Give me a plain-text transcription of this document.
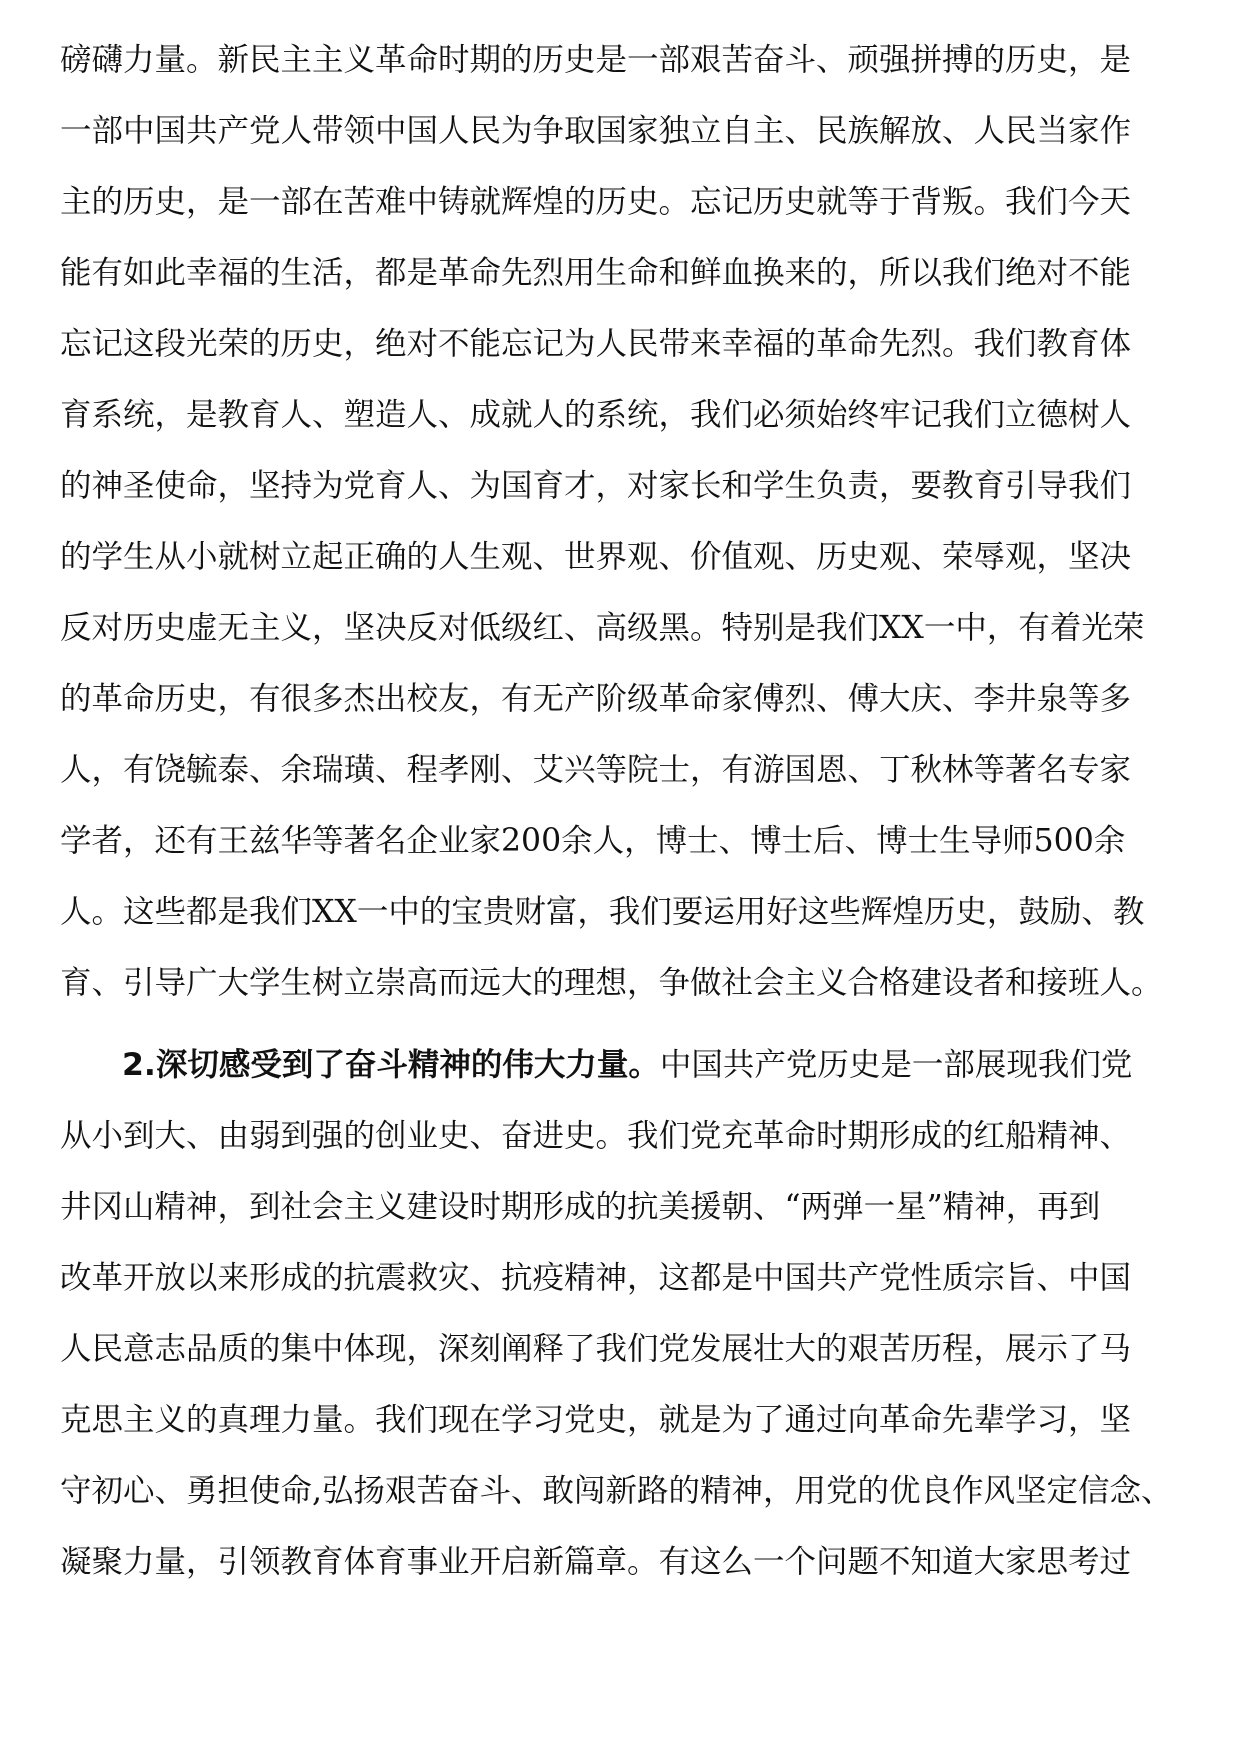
磅礴力量。新民主主义革命时期的历史是一部艰苦奋斗、顽强拼搏的历史，是
一部中国共产党人带领中国人民为争取国家独立自主、民族解放、人民当家作
主的历史，是一部在苦难中铸就辉煌的历史。忘记历史就等于背叛。我们今天
能有如此幸福的生活，都是革命先烈用生命和鲜血换来的，所以我们绝对不能
忘记这段光荣的历史，绝对不能忘记为人民带来幸福的革命先烈。我们教育体
育系统，是教育人、塑造人、成就人的系统，我们必须始终牢记我们立德树人
的神圣使命，坚持为党育人、为国育才，对家长和学生负责，要教育引导我们
的学生从小就树立起正确的人生观、世界观、价值观、历史观、荣辱观，坚决
反对历史虚无主义，坚决反对低级红、高级黑。特别是我们XX一中，有着光荣
的革命历史，有很多杰出校友，有无产阶级革命家傅烈、傅大庆、李井泉等多
人，有饶毓泰、余瑞璜、程孝刚、艾兴等院士，有游国恩、丁秋林等著名专家
学者，还有王兹华等著名企业家200余人，博士、博士后、博士生导师500余
人。这些都是我们XX一中的宝贵财富，我们要运用好这些辉煌历史，鼓励、教
育、引导广大学生树立崇高而远大的理想，争做社会主义合格建设者和接班人。
2.深切感受到了奋斗精神的伟大力量。中国共产党历史是一部展现我们党
从小到大、由弱到强的创业史、奋进史。我们党充革命时期形成的红船精神、
井冈山精神，到社会主义建设时期形成的抗美援朝、“两弹一星”精神，再到
改革开放以来形成的抗震救灾、抗疫精神，这都是中国共产党性质宗旨、中国
人民意志品质的集中体现，深刻阐释了我们党发展壮大的艰苦历程，展示了马
克思主义的真理力量。我们现在学习党史，就是为了通过向革命先辈学习，坚
守初心、勇担使命,弘扬艰苦奋斗、敢闯新路的精神，用党的优良作风坚定信念、
凝聚力量，引领教育体育事业开启新篇章。有这么一个问题不知道大家思考过
